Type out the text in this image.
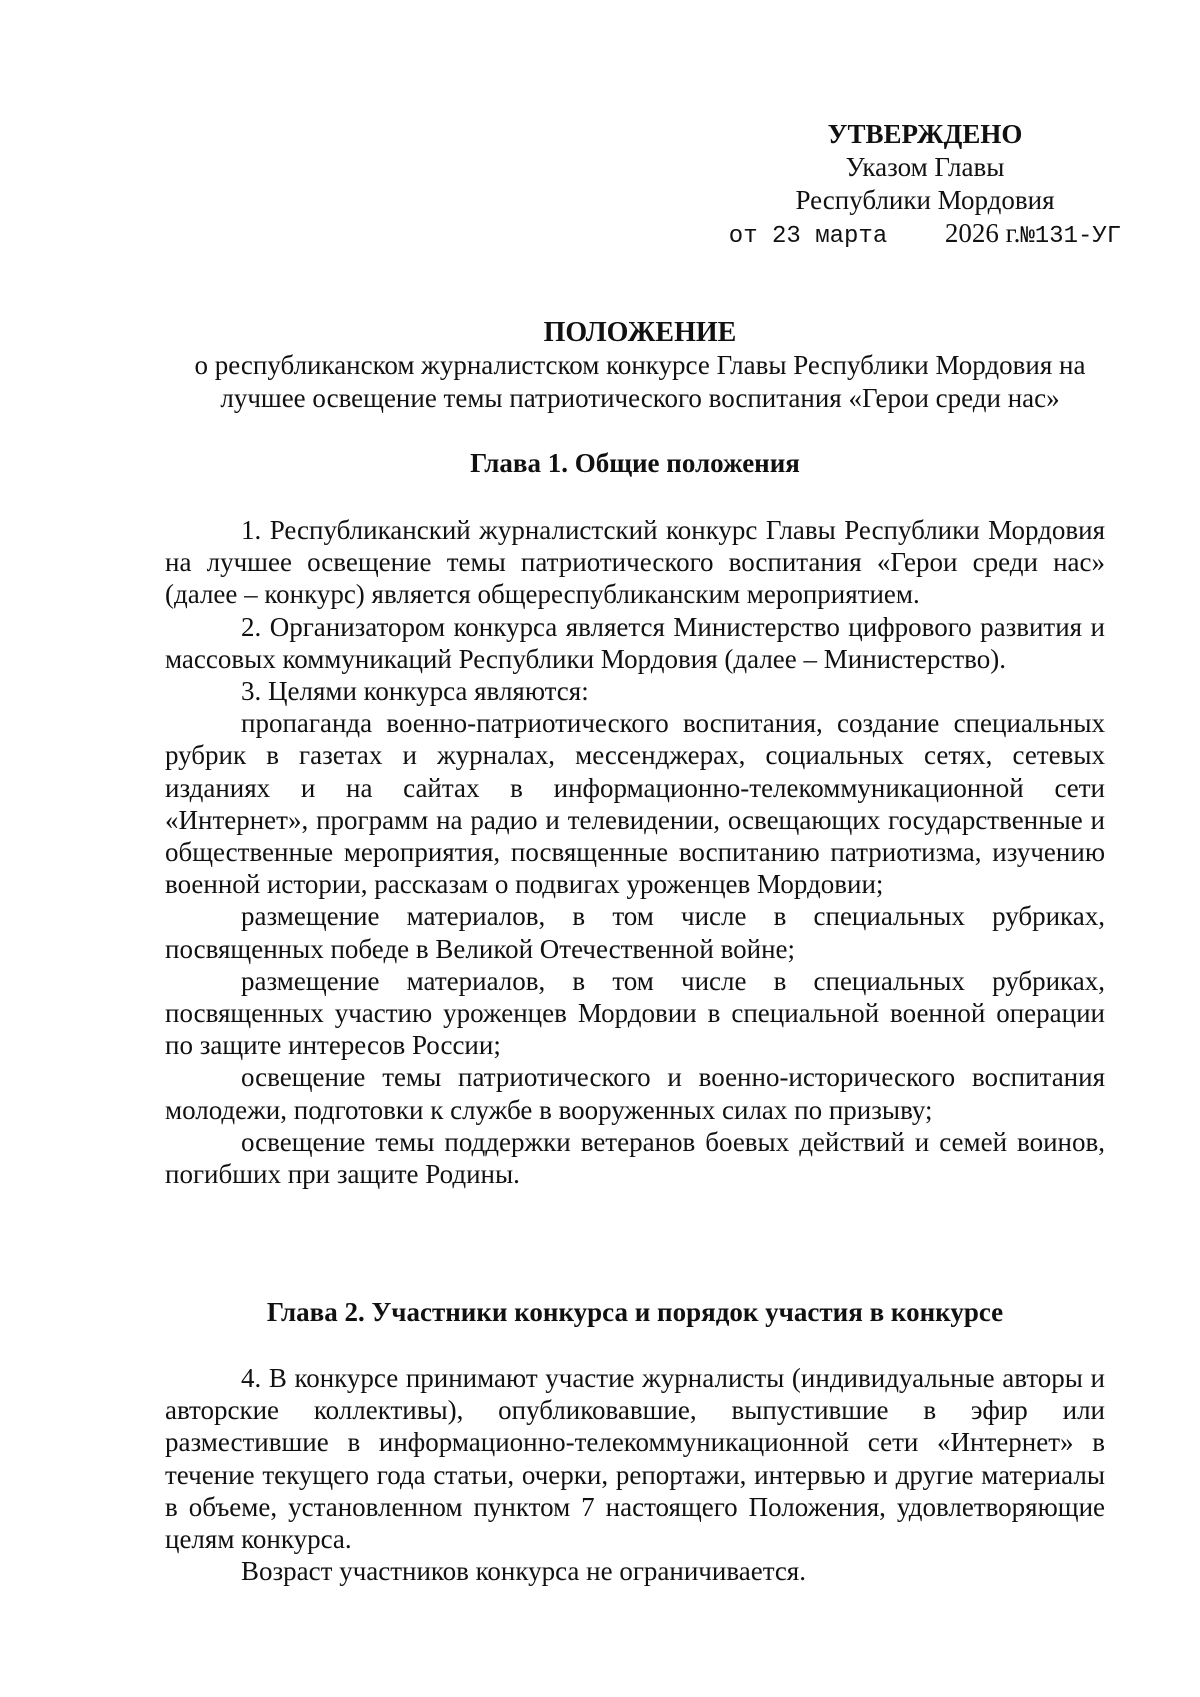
УТВЕРЖДЕНО
Указом Главы
Республики Мордовия
от 23 марта 2026 г.№131-УГ
ПОЛОЖЕНИЕ
о республиканском журналистском конкурсе Главы Республики Мордовия на лучшее освещение темы патриотического воспитания «Герои среди нас»
Глава 1. Общие положения

1. Республиканский журналистский конкурс Главы Республики Мордовия на лучшее освещение темы патриотического воспитания «Герои среди нас» (далее – конкурс) является общереспубликанским мероприятием.

2. Организатором конкурса является Министерство цифрового развития и массовых коммуникаций Республики Мордовия (далее – Министерство).

3. Целями конкурса являются:

пропаганда военно-патриотического воспитания, создание специальных рубрик в газетах и журналах, мессенджерах, социальных сетях, сетевых изданиях и на сайтах в информационно-телекоммуникационной сети «Интернет», программ на радио и телевидении, освещающих государственные и общественные мероприятия, посвященные воспитанию патриотизма, изучению военной истории, рассказам о подвигах уроженцев Мордовии;

размещение материалов, в том числе в специальных рубриках, посвященных победе в Великой Отечественной войне;

размещение материалов, в том числе в специальных рубриках, посвященных участию уроженцев Мордовии в специальной военной операции по защите интересов России;

освещение темы патриотического и военно-исторического воспитания молодежи, подготовки к службе в вооруженных силах по призыву;

освещение темы поддержки ветеранов боевых действий и семей воинов, погибших при защите Родины.

Глава 2. Участники конкурса и порядок участия в конкурсе

4. В конкурсе принимают участие журналисты (индивидуальные авторы и авторские коллективы), опубликовавшие, выпустившие в эфир или разместившие в информационно-телекоммуникационной сети «Интернет» в течение текущего года статьи, очерки, репортажи, интервью и другие материалы в объеме, установленном пунктом 7 настоящего Положения, удовлетворяющие целям конкурса.

Возраст участников конкурса не ограничивается.
